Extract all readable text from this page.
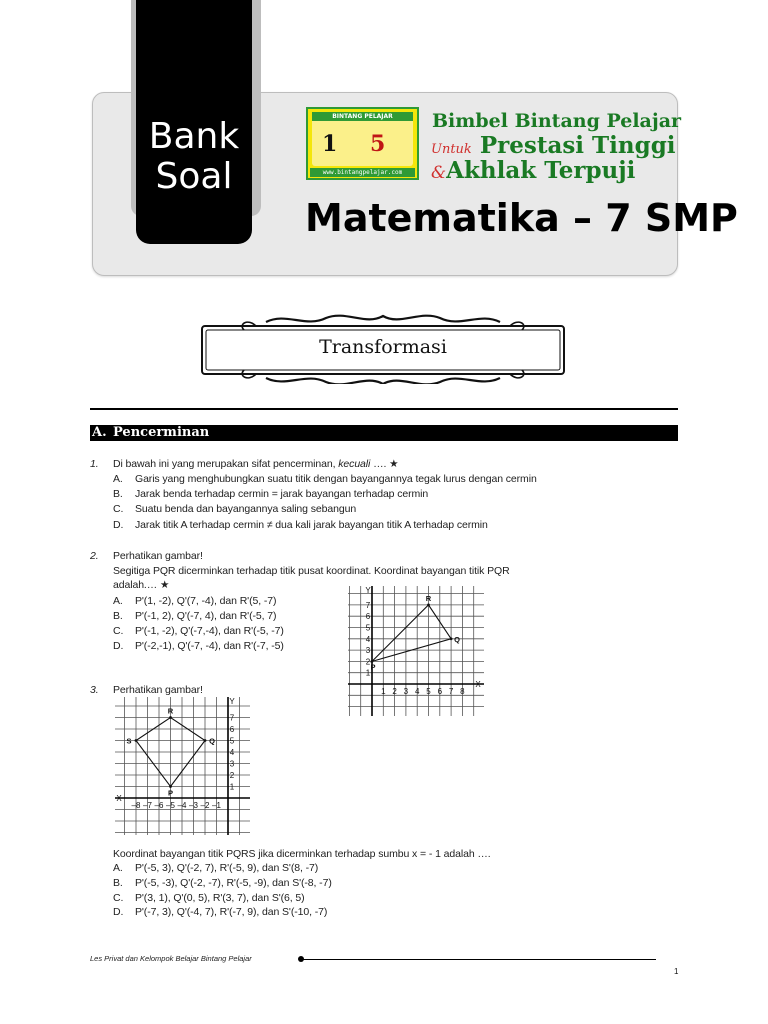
Bank
Soal
BINTANG PELAJAR
1 5
www.bintangpelajar.com
Bimbel Bintang Pelajar
Untuk Prestasi Tinggi
&Akhlak Terpuji
Matematika – 7 SMP
Transformasi
A. Pencerminan
1. Di bawah ini yang merupakan sifat pencerminan, kecuali …. ★
A. Garis yang menghubungkan suatu titik dengan bayangannya tegak lurus dengan cermin
B. Jarak benda terhadap cermin = jarak bayangan terhadap cermin
C. Suatu benda dan bayangannya saling sebangun
D. Jarak titik A terhadap cermin ≠ dua kali jarak bayangan titik A terhadap cermin
2. Perhatikan gambar!
Segitiga PQR dicerminkan terhadap titik pusat koordinat. Koordinat bayangan titik PQR
adalah.… ★
A. P'(1, -2), Q'(7, -4), dan R'(5, -7)
B. P'(-1, 2), Q'(-7, 4), dan R'(-5, 7)
C. P'(-1, -2), Q'(-7,-4), dan R'(-5, -7)
D. P'(-2,-1), Q'(-7, -4), dan R'(-7, -5)
1 2 3 4 5 6 7 8
1
2
3
4
5
6
7
X
Y
P
Q
R
3. Perhatikan gambar!
–8 –7 –6 –5 –4 –3 –2 –1
1
2
3
4
5
6
7
X
Y
P
Q
R
S
Koordinat bayangan titik PQRS jika dicerminkan terhadap sumbu x = - 1 adalah ….
A. P'(-5, 3), Q'(-2, 7), R'(-5, 9), dan S'(8, -7)
B. P'(-5, -3), Q'(-2, -7), R'(-5, -9), dan S'(-8, -7)
C. P'(3, 1), Q'(0, 5), R'(3, 7), dan S'(6, 5)
D. P'(-7, 3), Q'(-4, 7), R'(-7, 9), dan S'(-10, -7)
Les Privat dan Kelompok Belajar Bintang Pelajar
1
